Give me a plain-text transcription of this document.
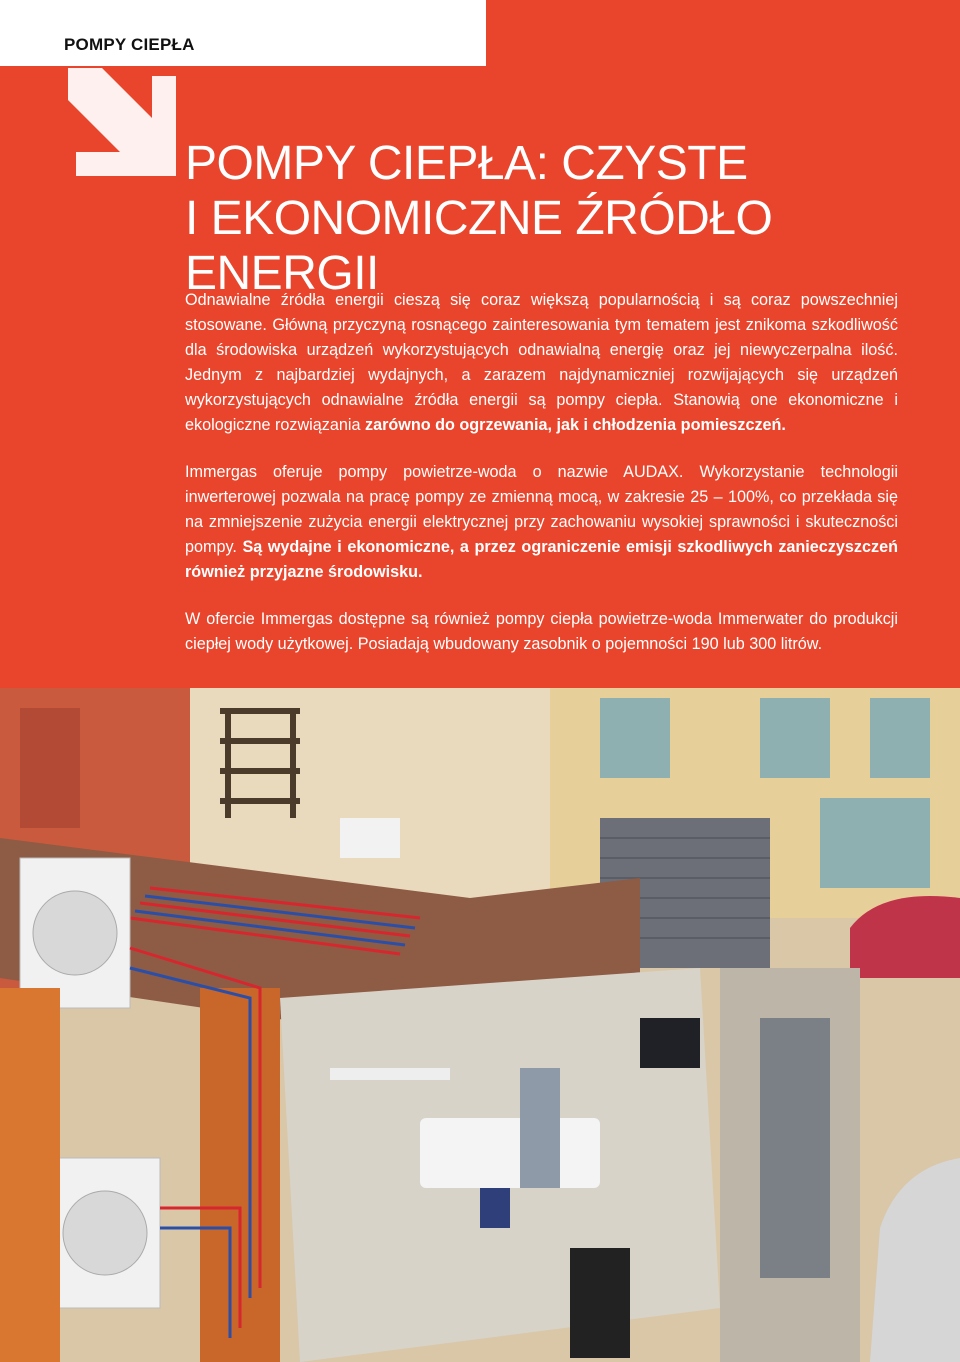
POMPY CIEPŁA
POMPY CIEPŁA: CZYSTE
I EKONOMICZNE ŹRÓDŁO
ENERGII

Odnawialne źródła energii cieszą się coraz większą popularnością i są coraz powszechniej stosowane. Główną przyczyną rosnącego zainteresowania tym tematem jest znikoma szkodliwość dla środowiska urządzeń wykorzystujących odnawialną energię oraz jej niewyczerpalna ilość. Jednym z najbardziej wydajnych, a zarazem najdynamiczniej rozwijających się urządzeń wykorzystujących odnawialne źródła energii są pompy ciepła. Stanowią one ekonomiczne i ekologiczne rozwiązania zarówno do ogrzewania, jak i chłodzenia pomieszczeń.

Immergas oferuje pompy powietrze-woda o nazwie AUDAX. Wykorzystanie technologii inwerterowej pozwala na pracę pompy ze zmienną mocą, w zakresie 25 – 100%, co przekłada się na zmniejszenie zużycia energii elektrycznej przy zachowaniu wysokiej sprawności i skuteczności pompy. Są wydajne i ekonomiczne, a przez ograniczenie emisji szkodliwych zanieczyszczeń również przyjazne środowisku.

W ofercie Immergas dostępne są również pompy ciepła powietrze-woda Immerwater do produkcji ciepłej wody użytkowej. Posiadają wbudowany zasobnik o pojemności 190 lub 300 litrów.
